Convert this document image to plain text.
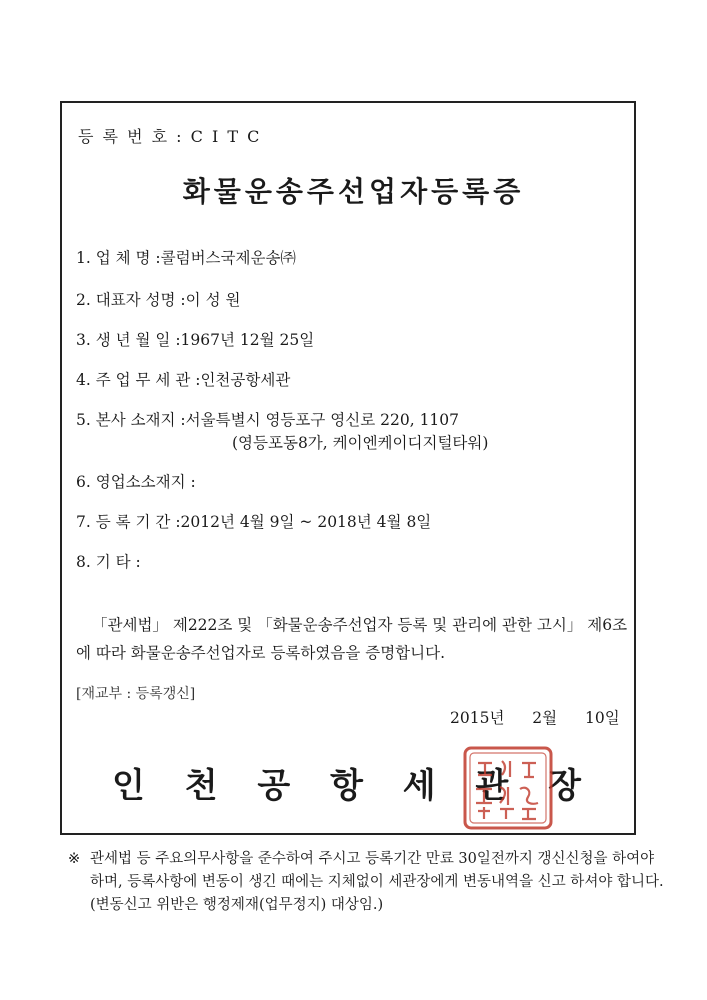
등 록 번 호 : C I T C
화물운송주선업자등록증
1. 업 체 명 :콜럼버스국제운송㈜
2. 대표자 성명 :이 성 원
3. 생 년 월 일 :1967년 12월 25일
4. 주 업 무 세 관 :인천공항세관
5. 본사 소재지 :서울특별시 영등포구 영신로 220, 1107
(영등포동8가, 케이엔케이디지털타워)
6. 영업소소재지 :
7. 등 록 기 간 :2012년 4월 9일 ~ 2018년 4월 8일
8. 기 타 :
「관세법」 제222조 및 「화물운송주선업자 등록 및 관리에 관한 고시」 제6조에 따라 화물운송주선업자로 등록하였음을 증명합니다.
[재교부 : 등록갱신]
2015년 2월 10일
인 천 공 항 세 관 장
※ 관세법 등 주요의무사항을 준수하여 주시고 등록기간 만료 30일전까지 갱신신청을 하여야 하며, 등록사항에 변동이 생긴 때에는 지체없이 세관장에게 변동내역을 신고 하셔야 합니다.(변동신고 위반은 행정제재(업무정지) 대상임.)
